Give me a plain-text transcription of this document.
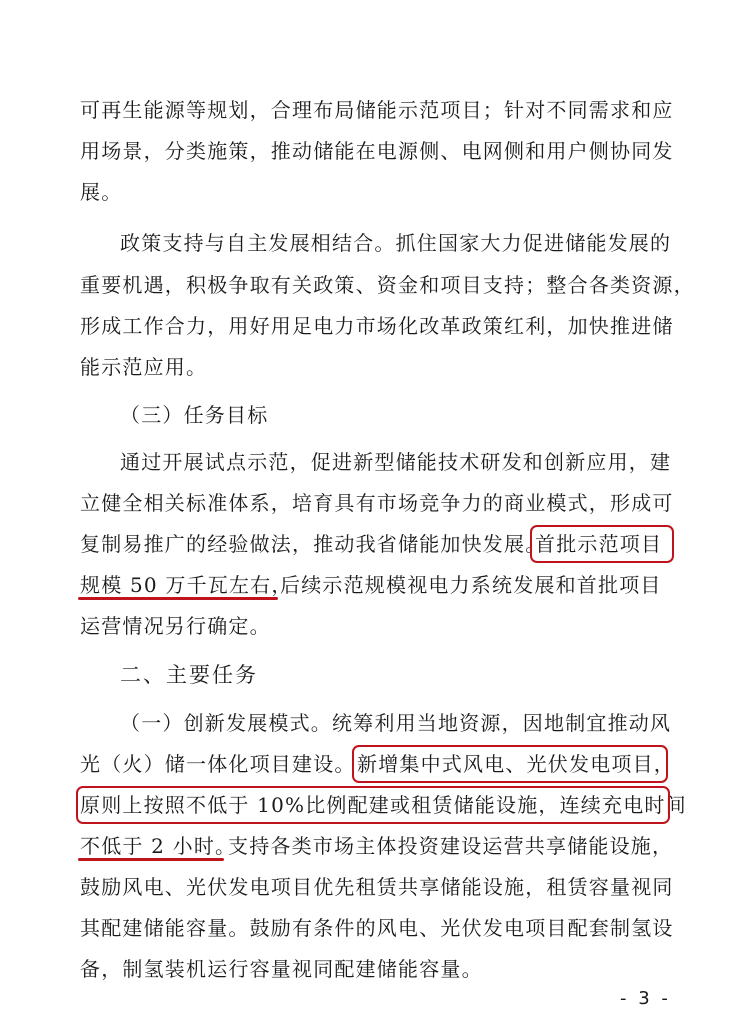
可再生能源等规划，合理布局储能示范项目；针对不同需求和应
用场景，分类施策，推动储能在电源侧、电网侧和用户侧协同发
展。
政策支持与自主发展相结合。抓住国家大力促进储能发展的
重要机遇，积极争取有关政策、资金和项目支持；整合各类资源，
形成工作合力，用好用足电力市场化改革政策红利，加快推进储
能示范应用。
（三）任务目标
通过开展试点示范，促进新型储能技术研发和创新应用，建
立健全相关标准体系，培育具有市场竞争力的商业模式，形成可
复制易推广的经验做法，推动我省储能加快发展。
首批示范项目
规模 50 万千瓦左右，
后续示范规模视电力系统发展和首批项目
运营情况另行确定。
二、主要任务
（一）创新发展模式。统筹利用当地资源，因地制宜推动风
光（火）储一体化项目建设。 新增集中式风电、光伏发电项目，
原则上按照不低于 10%比例配建或租赁储能设施，连续充电时间
不低于 2 小时。
支持各类市场主体投资建设运营共享储能设施，
鼓励风电、光伏发电项目优先租赁共享储能设施，租赁容量视同
其配建储能容量。鼓励有条件的风电、光伏发电项目配套制氢设
备，制氢装机运行容量视同配建储能容量。
- 3 -
